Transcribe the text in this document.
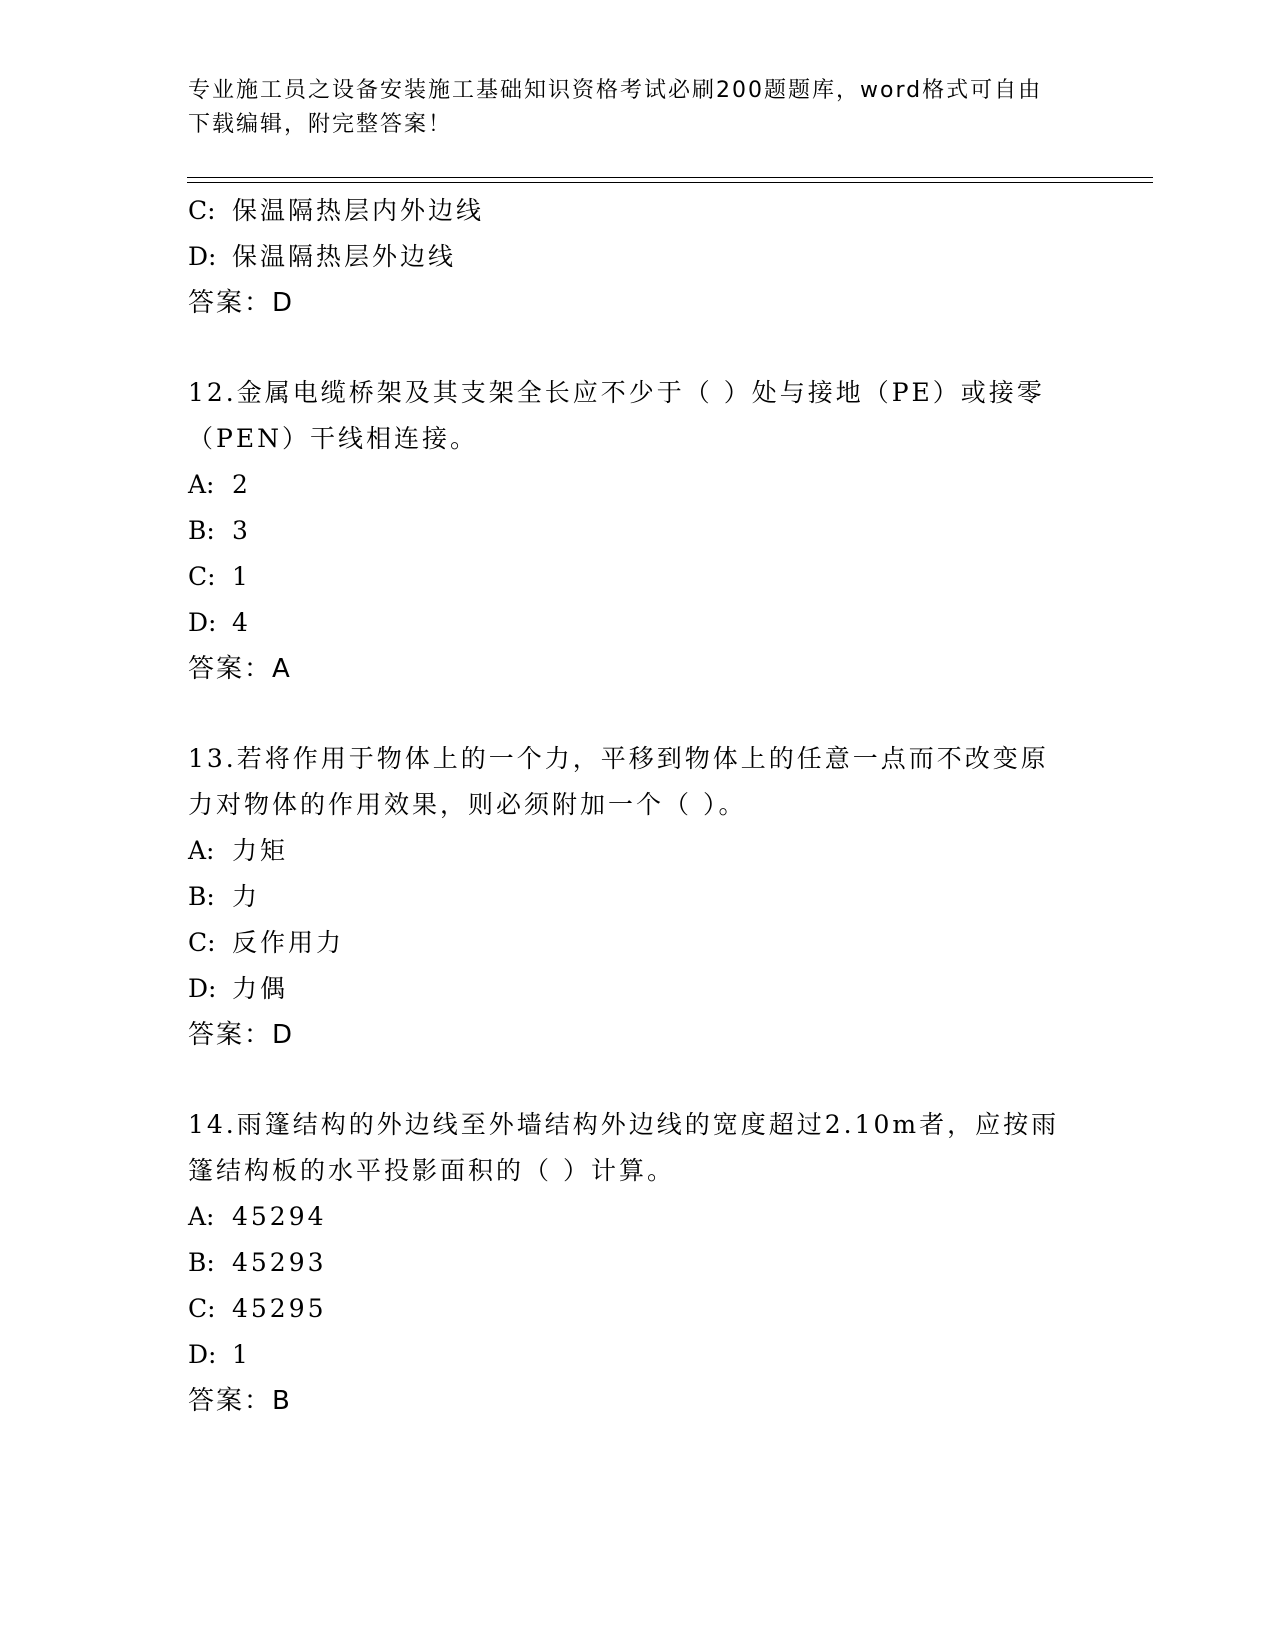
专业施工员之设备安装施工基础知识资格考试必刷200题题库，word格式可自由
下载编辑，附完整答案！
C: 保温隔热层内外边线
D: 保温隔热层外边线
答案：D
12.金属电缆桥架及其支架全长应不少于（ ）处与接地（PE）或接零
（PEN）干线相连接。
A: 2
B: 3
C: 1
D: 4
答案：A
13.若将作用于物体上的一个力，平移到物体上的任意一点而不改变原
力对物体的作用效果，则必须附加一个（ ）。
A: 力矩
B: 力
C: 反作用力
D: 力偶
答案：D
14.雨篷结构的外边线至外墙结构外边线的宽度超过2.10m者，应按雨
篷结构板的水平投影面积的（ ）计算。
A: 45294
B: 45293
C: 45295
D: 1
答案：B
